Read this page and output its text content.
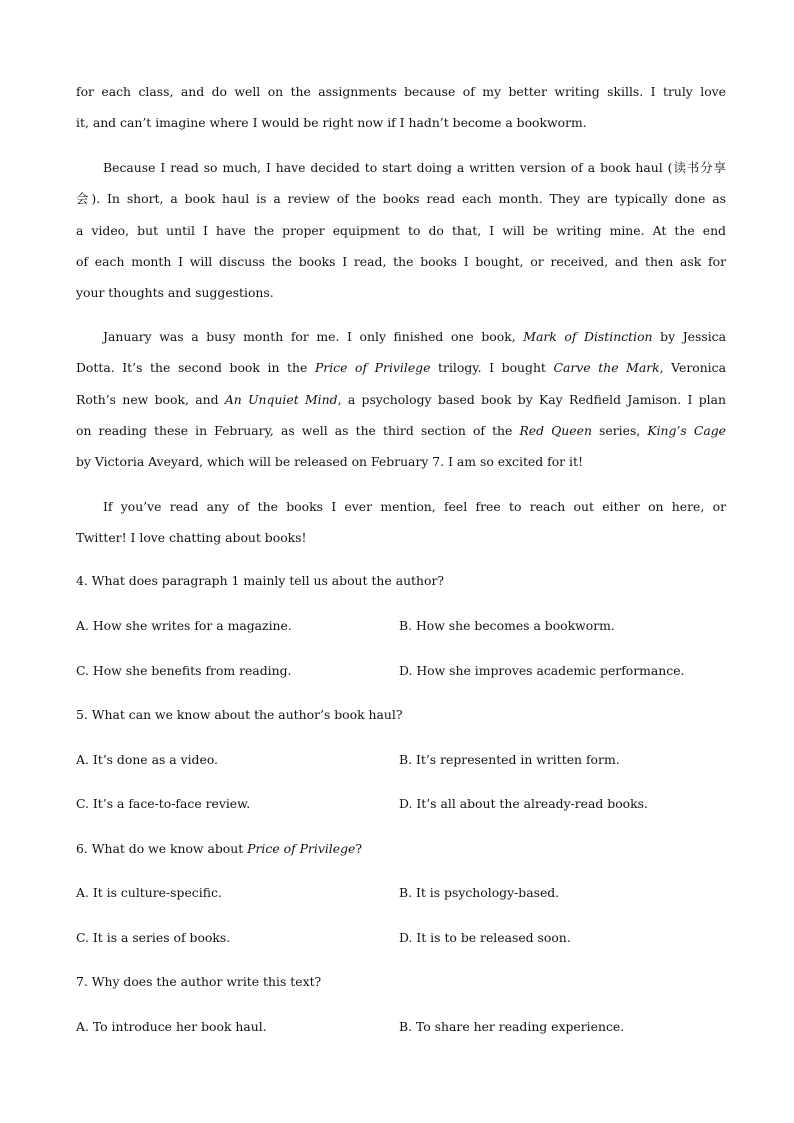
for each class, and do well on the assignments because of my better writing skills. I truly love
it, and can’t imagine where I would be right now if I hadn’t become a bookworm.
Because I read so much, I have decided to start doing a written version of a book haul (读书分享
会). In short, a book haul is a review of the books read each month. They are typically done as
a video, but until I have the proper equipment to do that, I will be writing mine. At the end
of each month I will discuss the books I read, the books I bought, or received, and then ask for
your thoughts and suggestions.
January was a busy month for me. I only finished one book, Mark of Distinction by Jessica
Dotta. It’s the second book in the Price of Privilege trilogy. I bought Carve the Mark, Veronica
Roth’s new book, and An Unquiet Mind, a psychology based book by Kay Redfield Jamison. I plan
on reading these in February, as well as the third section of the Red Queen series, King’s Cage
by Victoria Aveyard, which will be released on February 7. I am so excited for it!
If you’ve read any of the books I ever mention, feel free to reach out either on here, or
Twitter! I love chatting about books!

4. What does paragraph 1 mainly tell us about the author?

A. How she writes for a magazine.	B. How she becomes a bookworm.

C. How she benefits from reading.	D. How she improves academic performance.

5. What can we know about the author’s book haul?

A. It’s done as a video.	B. It’s represented in written form.

C. It’s a face-to-face review.	D. It’s all about the already-read books.

6. What do we know about Price of Privilege?

A. It is culture-specific.	B. It is psychology-based.

C. It is a series of books.	D. It is to be released soon.

7. Why does the author write this text?

A. To introduce her book haul.	B. To share her reading experience.
